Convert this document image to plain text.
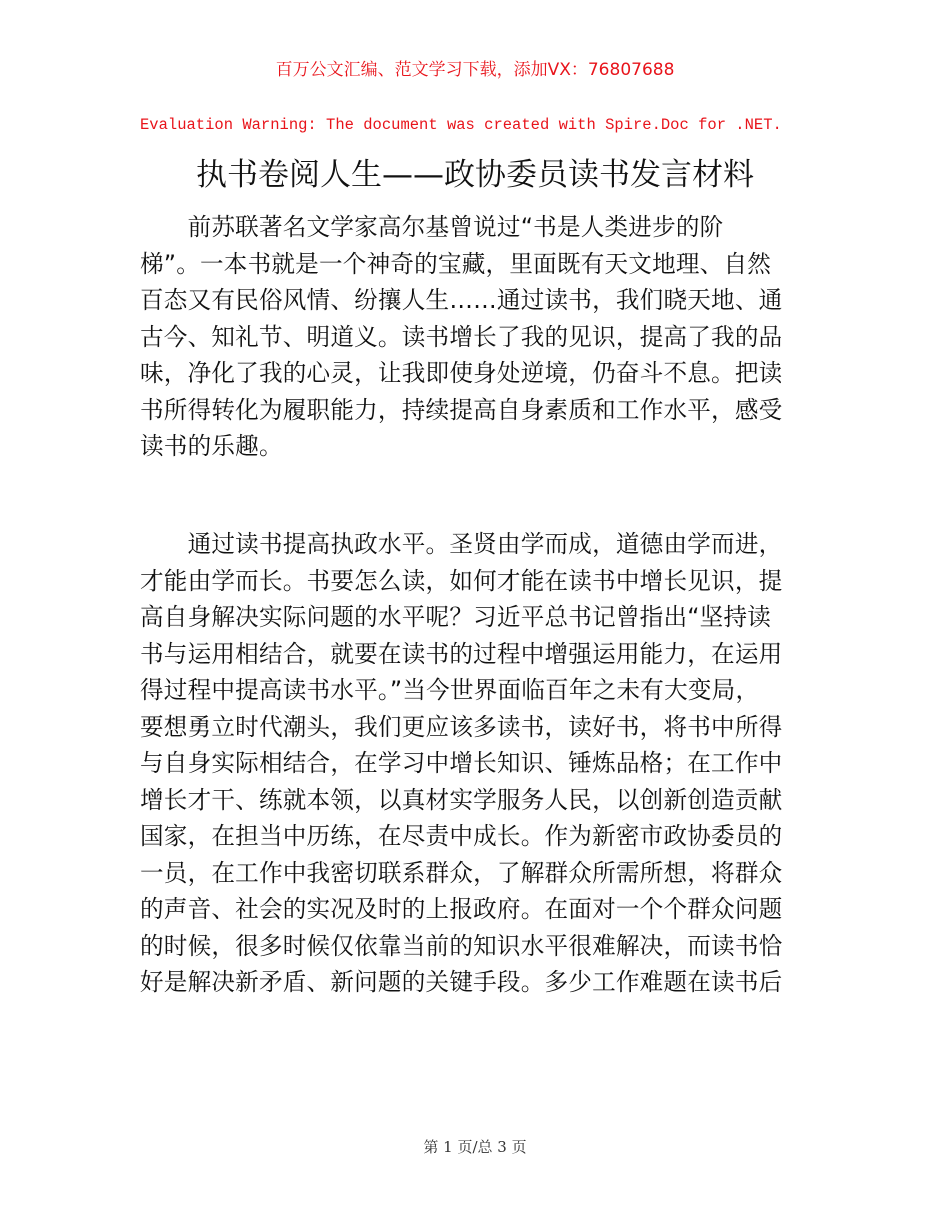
百万公文汇编、范文学习下载，添加VX：76807688
Evaluation Warning: The document was created with Spire.Doc for .NET.
执书卷阅人生——政协委员读书发言材料
　　前苏联著名文学家高尔基曾说过“书是人类进步的阶
梯”。一本书就是一个神奇的宝藏，里面既有天文地理、自然
百态又有民俗风情、纷攘人生……通过读书，我们晓天地、通
古今、知礼节、明道义。读书增长了我的见识，提高了我的品
味，净化了我的心灵，让我即使身处逆境，仍奋斗不息。把读
书所得转化为履职能力，持续提高自身素质和工作水平，感受
读书的乐趣。
　　通过读书提高执政水平。圣贤由学而成，道德由学而进，
才能由学而长。书要怎么读，如何才能在读书中增长见识，提
高自身解决实际问题的水平呢？习近平总书记曾指出“坚持读
书与运用相结合，就要在读书的过程中增强运用能力，在运用
得过程中提高读书水平。”当今世界面临百年之未有大变局，
要想勇立时代潮头，我们更应该多读书，读好书，将书中所得
与自身实际相结合，在学习中增长知识、锤炼品格；在工作中
增长才干、练就本领，以真材实学服务人民，以创新创造贡献
国家，在担当中历练，在尽责中成长。作为新密市政协委员的
一员，在工作中我密切联系群众，了解群众所需所想，将群众
的声音、社会的实况及时的上报政府。在面对一个个群众问题
的时候，很多时候仅依靠当前的知识水平很难解决，而读书恰
好是解决新矛盾、新问题的关键手段。多少工作难题在读书后
第 1 页/总 3 页
